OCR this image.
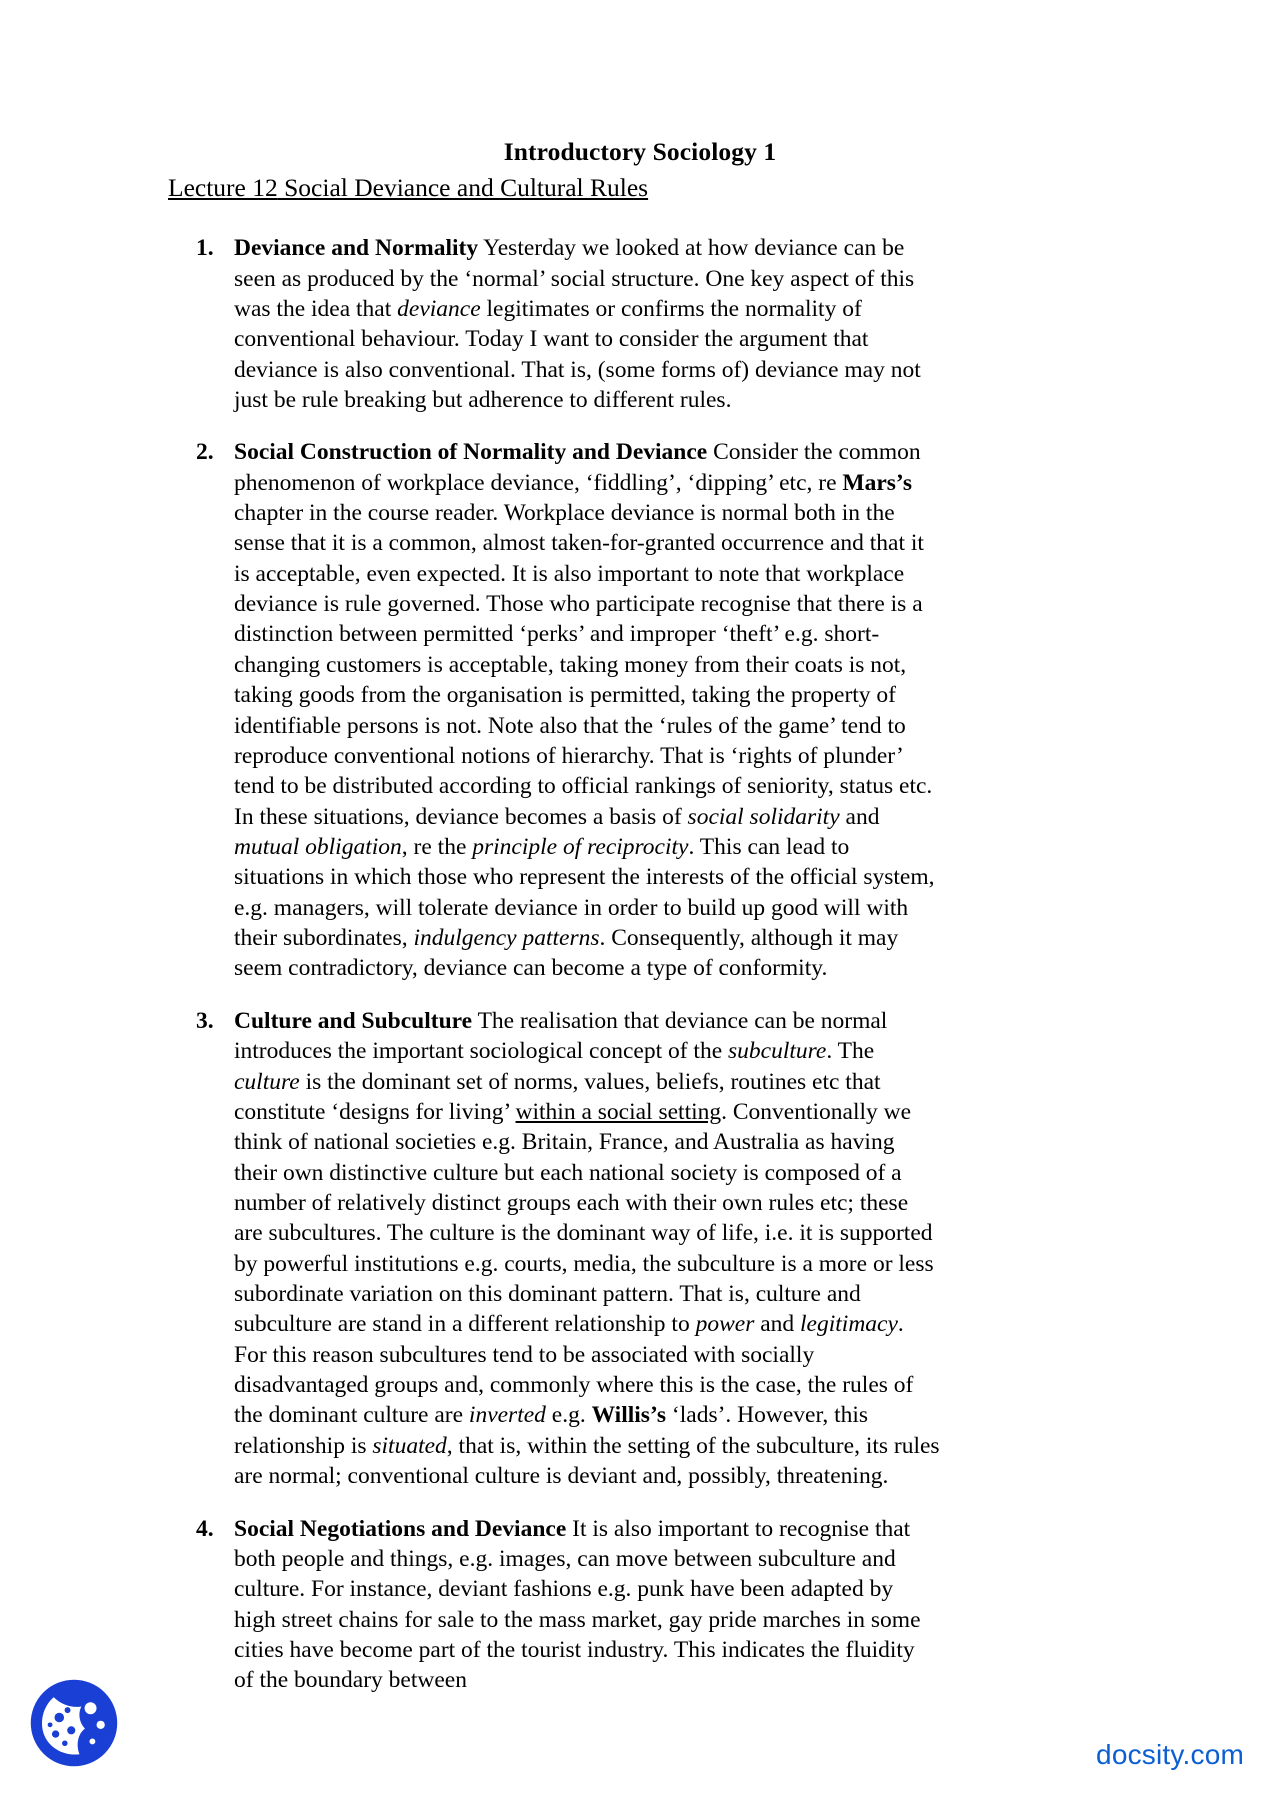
Introductory Sociology 1
Lecture 12 Social Deviance and Cultural Rules
1. Deviance and Normality Yesterday we looked at how deviance can be seen as produced by the ‘normal’ social structure. One key aspect of this was the idea that deviance legitimates or confirms the normality of conventional behaviour. Today I want to consider the argument that deviance is also conventional. That is, (some forms of) deviance may not just be rule breaking but adherence to different rules.
2. Social Construction of Normality and Deviance Consider the common phenomenon of workplace deviance, ‘fiddling’, ‘dipping’ etc, re Mars’s chapter in the course reader. Workplace deviance is normal both in the sense that it is a common, almost taken-for-granted occurrence and that it is acceptable, even expected. It is also important to note that workplace deviance is rule governed. Those who participate recognise that there is a distinction between permitted ‘perks’ and improper ‘theft’ e.g. short-changing customers is acceptable, taking money from their coats is not, taking goods from the organisation is permitted, taking the property of identifiable persons is not. Note also that the ‘rules of the game’ tend to reproduce conventional notions of hierarchy. That is ‘rights of plunder’ tend to be distributed according to official rankings of seniority, status etc. In these situations, deviance becomes a basis of social solidarity and mutual obligation, re the principle of reciprocity. This can lead to situations in which those who represent the interests of the official system, e.g. managers, will tolerate deviance in order to build up good will with their subordinates, indulgency patterns. Consequently, although it may seem contradictory, deviance can become a type of conformity.
3. Culture and Subculture The realisation that deviance can be normal introduces the important sociological concept of the subculture. The culture is the dominant set of norms, values, beliefs, routines etc that constitute ‘designs for living’ within a social setting. Conventionally we think of national societies e.g. Britain, France, and Australia as having their own distinctive culture but each national society is composed of a number of relatively distinct groups each with their own rules etc; these are subcultures. The culture is the dominant way of life, i.e. it is supported by powerful institutions e.g. courts, media, the subculture is a more or less subordinate variation on this dominant pattern. That is, culture and subculture are stand in a different relationship to power and legitimacy. For this reason subcultures tend to be associated with socially disadvantaged groups and, commonly where this is the case, the rules of the dominant culture are inverted e.g. Willis’s ‘lads’. However, this relationship is situated, that is, within the setting of the subculture, its rules are normal; conventional culture is deviant and, possibly, threatening.
4. Social Negotiations and Deviance It is also important to recognise that both people and things, e.g. images, can move between subculture and culture. For instance, deviant fashions e.g. punk have been adapted by high street chains for sale to the mass market, gay pride marches in some cities have become part of the tourist industry. This indicates the fluidity of the boundary between
docsity.com
